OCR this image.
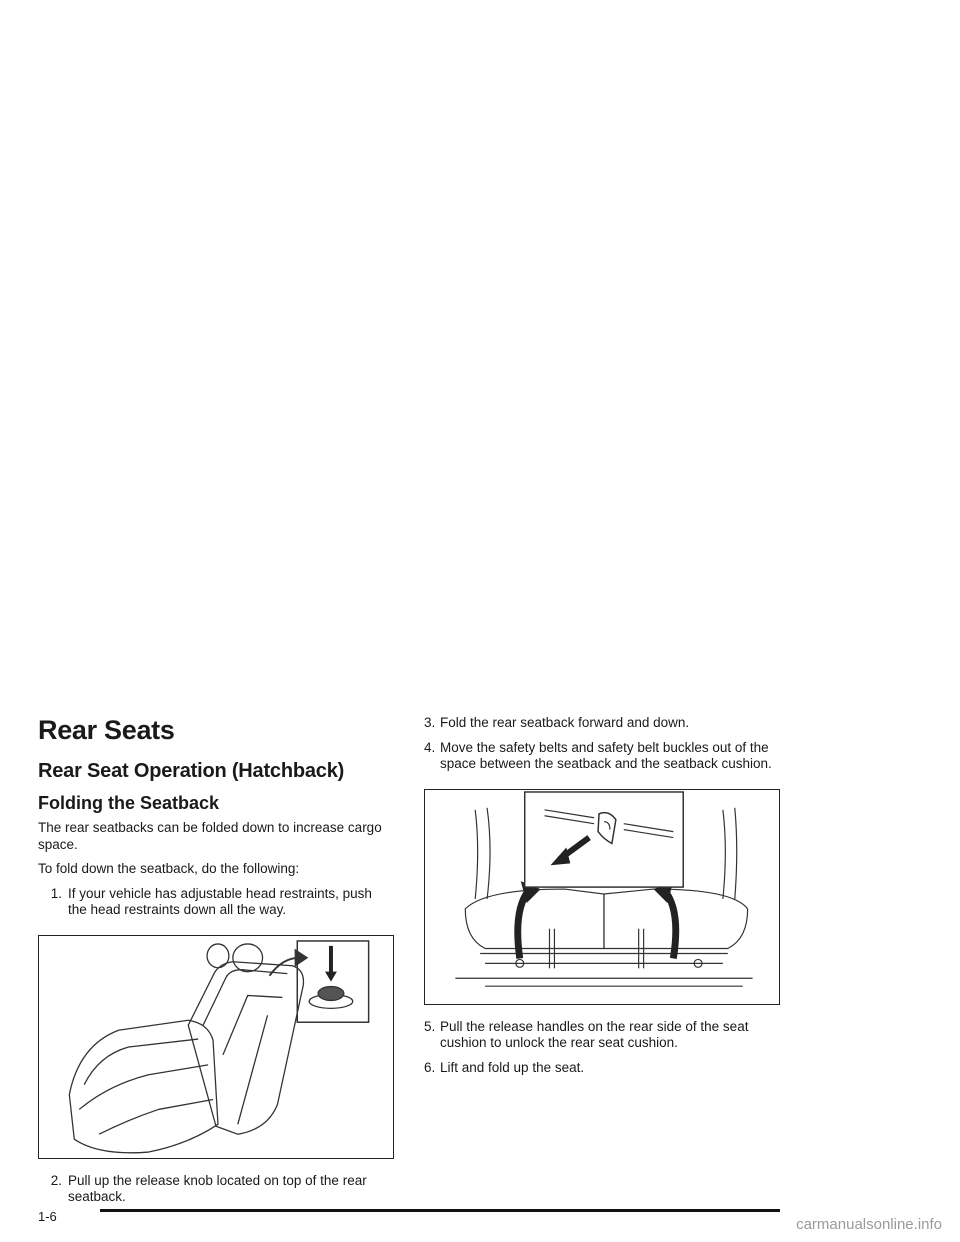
Rear Seats
Rear Seat Operation (Hatchback)
Folding the Seatback

The rear seatbacks can be folded down to increase cargo space.

To fold down the seatback, do the following:

1. If your vehicle has adjustable head restraints, push the head restraints down all the way.
2. Pull up the release knob located on top of the rear seatback.
3. Fold the rear seatback forward and down.
4. Move the safety belts and safety belt buckles out of the space between the seatback and the seatback cushion.
5. Pull the release handles on the rear side of the seat cushion to unlock the rear seat cushion.
6. Lift and fold up the seat.
1-6	carmanualsonline.info
